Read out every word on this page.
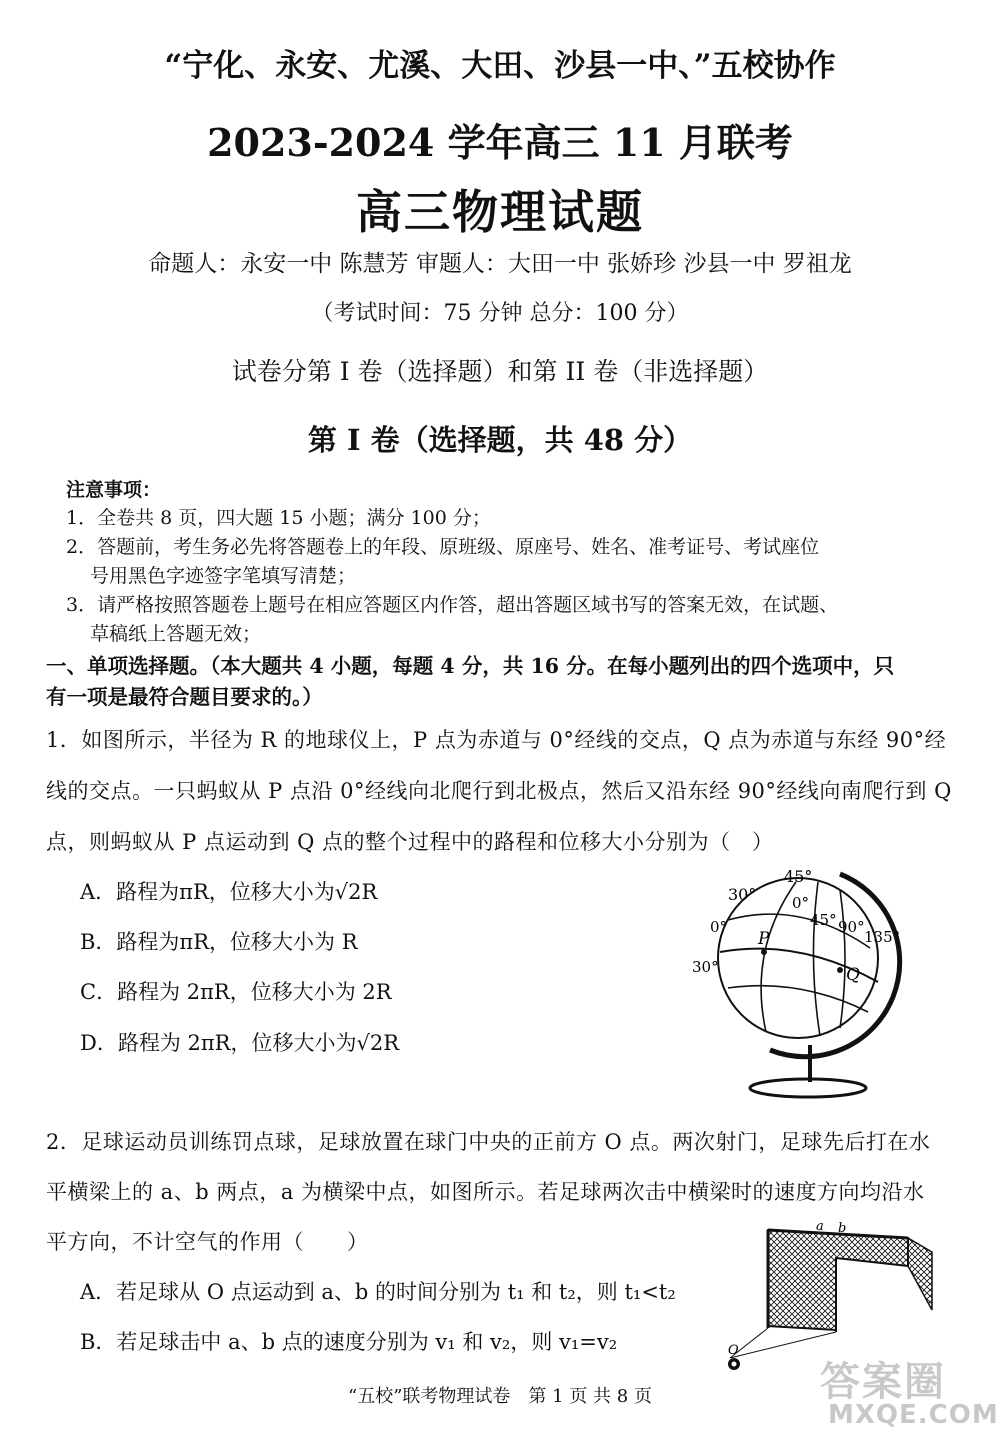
“宁化、永安、尤溪、大田、沙县一中、”五校协作
2023-2024 学年高三 11 月联考
高三物理试题
命题人：永安一中 陈慧芳 审题人：大田一中 张娇珍 沙县一中 罗祖龙
（考试时间：75 分钟 总分：100 分）
试卷分第 I 卷（选择题）和第 II 卷（非选择题）
第 I 卷（选择题，共 48 分）
注意事项：
1．全卷共 8 页，四大题 15 小题；满分 100 分；
2．答题前，考生务必先将答题卷上的年段、原班级、原座号、姓名、准考证号、考试座位
号用黑色字迹签字笔填写清楚；
3．请严格按照答题卷上题号在相应答题区内作答，超出答题区域书写的答案无效，在试题、
草稿纸上答题无效；
一、单项选择题。（本大题共 4 小题，每题 4 分，共 16 分。在每小题列出的四个选项中，只
有一项是最符合题目要求的。）
1．如图所示，半径为 R 的地球仪上，P 点为赤道与 0°经线的交点，Q 点为赤道与东经 90°经
线的交点。一只蚂蚁从 P 点沿 0°经线向北爬行到北极点，然后又沿东经 90°经线向南爬行到 Q
点，则蚂蚁从 P 点运动到 Q 点的整个过程中的路程和位移大小分别为（　）
A．路程为πR，位移大小为√2R
B．路程为πR，位移大小为 R
C．路程为 2πR，位移大小为 2R
D．路程为 2πR，位移大小为√2R
45°
30° 0°
45° 90°
135°
0°
30°
P
Q
2．足球运动员训练罚点球，足球放置在球门中央的正前方 O 点。两次射门，足球先后打在水
平横梁上的 a、b 两点，a 为横梁中点，如图所示。若足球两次击中横梁时的速度方向均沿水
平方向，不计空气的作用（　　）
A．若足球从 O 点运动到 a、b 的时间分别为 t₁ 和 t₂，则 t₁<t₂
B．若足球击中 a、b 点的速度分别为 v₁ 和 v₂，则 v₁=v₂
a b
O
“五校”联考物理试卷　第 1 页 共 8 页	答案圈
MXQE.COM
